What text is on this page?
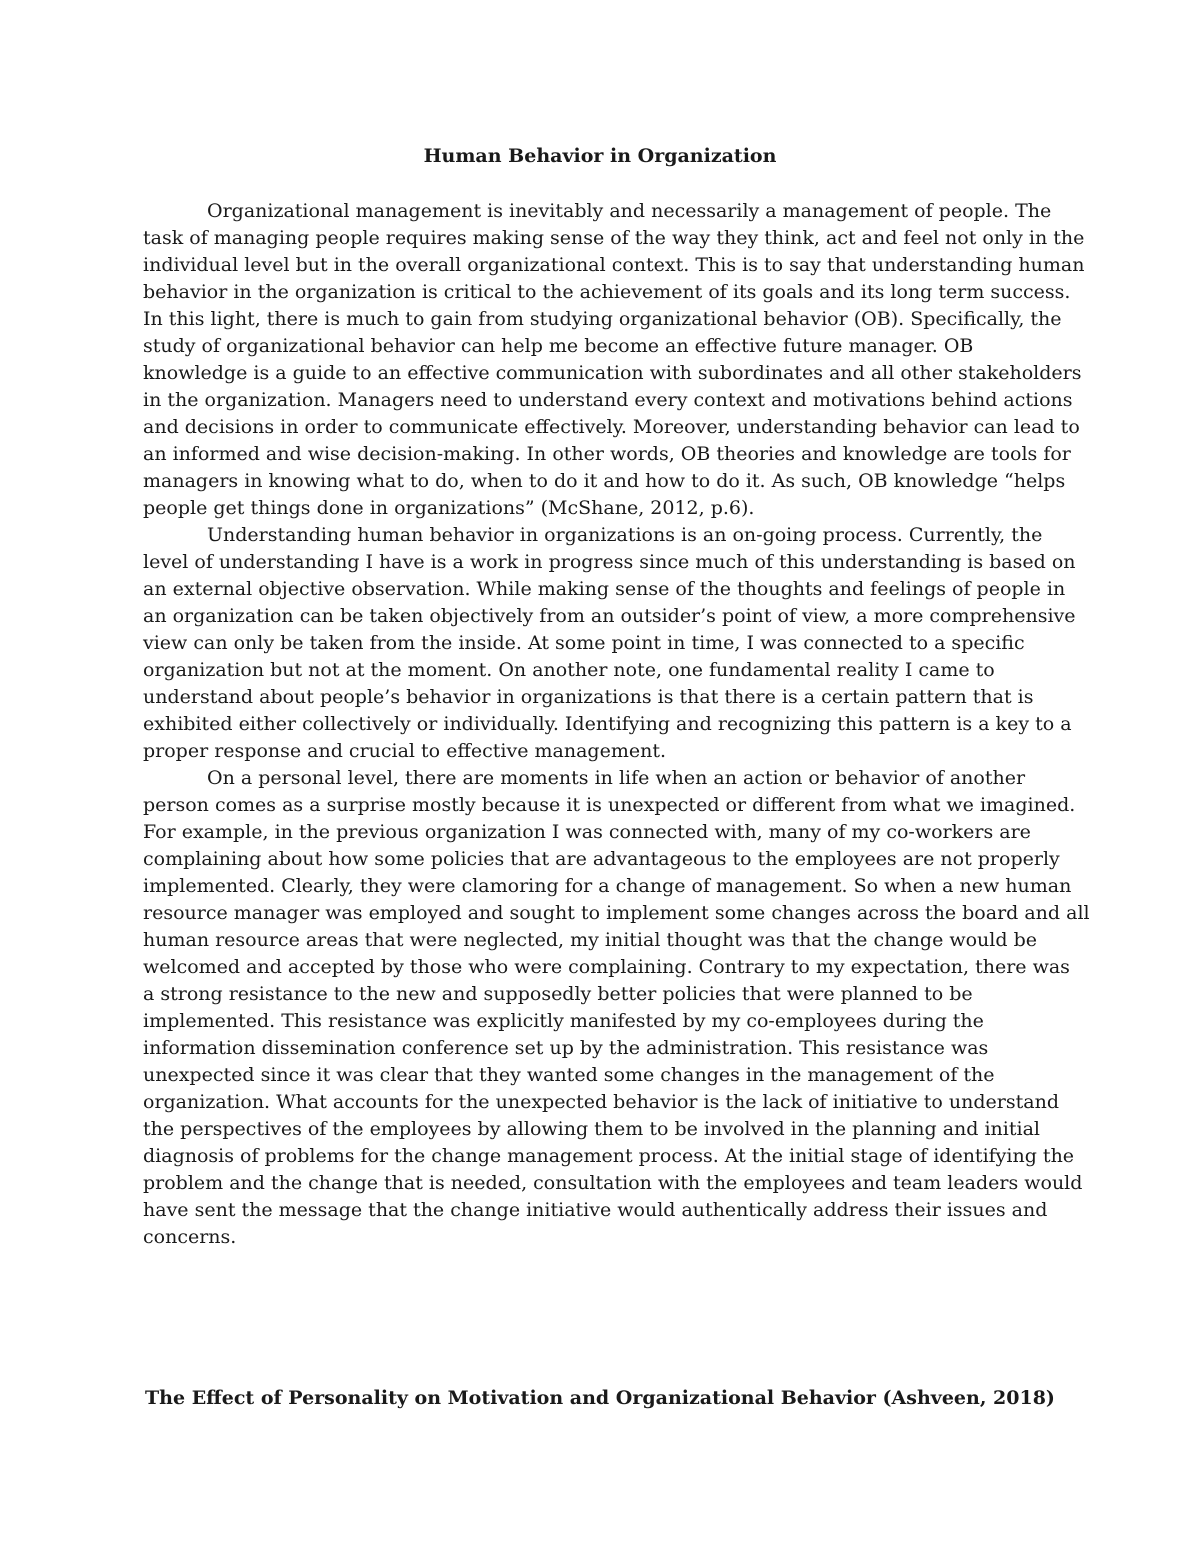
Human Behavior in Organization
Organizational management is inevitably and necessarily a management of people. The
task of managing people requires making sense of the way they think, act and feel not only in the
individual level but in the overall organizational context. This is to say that understanding human
behavior in the organization is critical to the achievement of its goals and its long term success.
In this light, there is much to gain from studying organizational behavior (OB). Specifically, the
study of organizational behavior can help me become an effective future manager. OB
knowledge is a guide to an effective communication with subordinates and all other stakeholders
in the organization. Managers need to understand every context and motivations behind actions
and decisions in order to communicate effectively. Moreover, understanding behavior can lead to
an informed and wise decision-making. In other words, OB theories and knowledge are tools for
managers in knowing what to do, when to do it and how to do it. As such, OB knowledge “helps
people get things done in organizations” (McShane, 2012, p.6).
Understanding human behavior in organizations is an on-going process. Currently, the
level of understanding I have is a work in progress since much of this understanding is based on
an external objective observation. While making sense of the thoughts and feelings of people in
an organization can be taken objectively from an outsider’s point of view, a more comprehensive
view can only be taken from the inside. At some point in time, I was connected to a specific
organization but not at the moment. On another note, one fundamental reality I came to
understand about people’s behavior in organizations is that there is a certain pattern that is
exhibited either collectively or individually. Identifying and recognizing this pattern is a key to a
proper response and crucial to effective management.
On a personal level, there are moments in life when an action or behavior of another
person comes as a surprise mostly because it is unexpected or different from what we imagined.
For example, in the previous organization I was connected with, many of my co-workers are
complaining about how some policies that are advantageous to the employees are not properly
implemented. Clearly, they were clamoring for a change of management. So when a new human
resource manager was employed and sought to implement some changes across the board and all
human resource areas that were neglected, my initial thought was that the change would be
welcomed and accepted by those who were complaining. Contrary to my expectation, there was
a strong resistance to the new and supposedly better policies that were planned to be
implemented. This resistance was explicitly manifested by my co-employees during the
information dissemination conference set up by the administration. This resistance was
unexpected since it was clear that they wanted some changes in the management of the
organization. What accounts for the unexpected behavior is the lack of initiative to understand
the perspectives of the employees by allowing them to be involved in the planning and initial
diagnosis of problems for the change management process. At the initial stage of identifying the
problem and the change that is needed, consultation with the employees and team leaders would
have sent the message that the change initiative would authentically address their issues and
concerns.
The Effect of Personality on Motivation and Organizational Behavior (Ashveen, 2018)
